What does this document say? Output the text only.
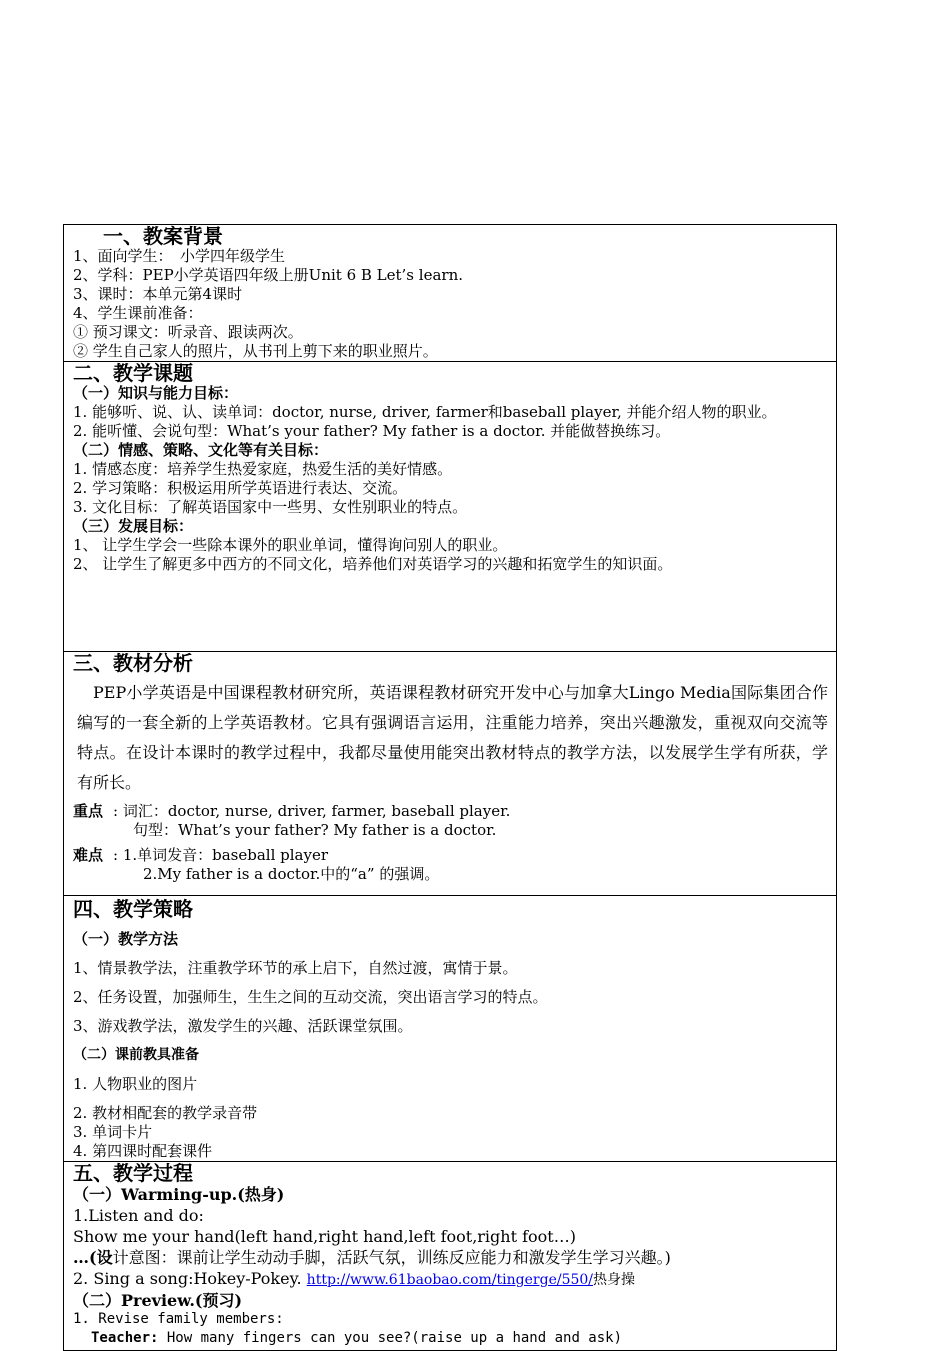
一、教案背景
1、面向学生：　小学四年级学生
2、学科：PEP小学英语四年级上册Unit 6 B Let’s learn.
3、课时：本单元第4课时
4、学生课前准备：
① 预习课文：听录音、跟读两次。
② 学生自己家人的照片，从书刊上剪下来的职业照片。

二、教学课题
（一）知识与能力目标：
1. 能够听、说、认、读单词：doctor, nurse, driver, farmer和baseball player, 并能介绍人物的职业。
2. 能听懂、会说句型：What’s your father? My father is a doctor. 并能做替换练习。
（二）情感、策略、文化等有关目标：
1. 情感态度：培养学生热爱家庭，热爱生活的美好情感。
2. 学习策略：积极运用所学英语进行表达、交流。
3. 文化目标：了解英语国家中一些男、女性别职业的特点。
（三）发展目标：
1、 让学生学会一些除本课外的职业单词，懂得询问别人的职业。
2、 让学生了解更多中西方的不同文化，培养他们对英语学习的兴趣和拓宽学生的知识面。

三、教材分析
PEP小学英语是中国课程教材研究所，英语课程教材研究开发中心与加拿大Lingo Media国际集团合作编写的一套全新的上学英语教材。它具有强调语言运用，注重能力培养，突出兴趣激发，重视双向交流等特点。在设计本课时的教学过程中，我都尽量使用能突出教材特点的教学方法，以发展学生学有所获，学有所长。
重点 : 词汇：doctor, nurse, driver, farmer, baseball player.
句型：What’s your father? My father is a doctor.
难点 : 1.单词发音：baseball player
2.My father is a doctor.中的“a” 的强调。

四、教学策略
（一）教学方法
1、情景教学法，注重教学环节的承上启下，自然过渡，寓情于景。
2、任务设置，加强师生，生生之间的互动交流，突出语言学习的特点。
3、游戏教学法，激发学生的兴趣、活跃课堂氛围。
（二）课前教具准备
1. 人物职业的图片
2. 教材相配套的教学录音带
3. 单词卡片
4. 第四课时配套课件

五、教学过程
（一）Warming-up.(热身)
1.Listen and do:
Show me your hand(left hand,right hand,left foot,right foot…)
…(设计意图：课前让学生动动手脚，活跃气氛，训练反应能力和激发学生学习兴趣。)
2. Sing a song:Hokey-Pokey. http://www.61baobao.com/tingerge/550/热身操
（二）Preview.(预习)
1. Revise family members:
Teacher: How many fingers can you see?(raise up a hand and ask)
